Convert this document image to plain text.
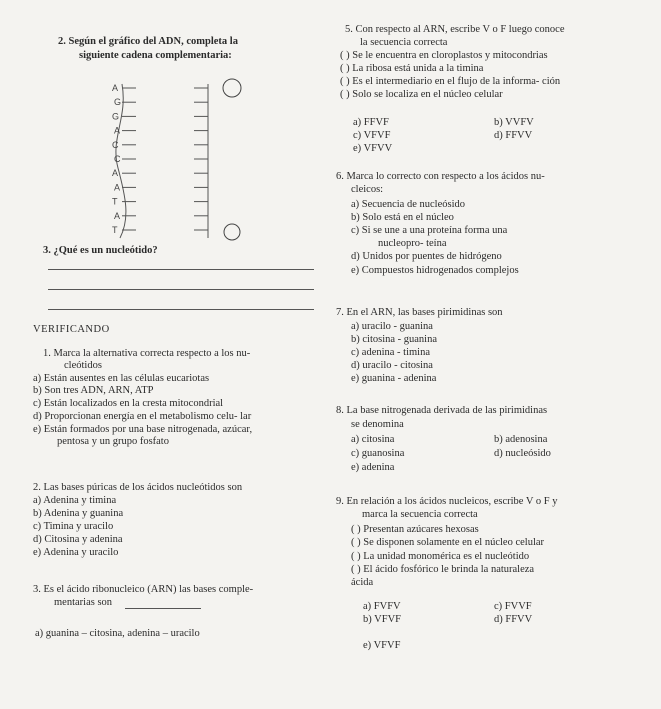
2. Según el gráfico del ADN, completa la
siguiente cadena complementaria:
A
G
G
A
C
C
A
A
T
A
T
3. ¿Qué es un nucleótido?
VERIFICANDO
1. Marca la alternativa correcta respecto a los nu-
cleótidos
a) Están ausentes en las células eucariotas
b) Son tres ADN, ARN, ATP
c) Están localizados en la cresta mitocondrial
d) Proporcionan energía en el metabolismo celu- lar
e) Están formados por una base nitrogenada, azúcar,
pentosa y un grupo fosfato
2. Las bases púricas de los ácidos nucleótidos son
a) Adenina y timina
b) Adenina y guanina
c) Timina y uracilo
d) Citosina y adenina
e) Adenina y uracilo
3. Es el ácido ribonucleico (ARN) las bases comple-
mentarias son
a) guanina – citosina, adenina – uracilo
5. Con respecto al ARN, escribe V o F luego conoce
la secuencia correcta
( ) Se le encuentra en cloroplastos y mitocondrias
( ) La ribosa está unida a la timina
( ) Es el intermediario en el flujo de la informa- ción
( ) Solo se localiza en el núcleo celular
a) FFVF	b) VVFV
c) VFVF	d) FFVV
e) VFVV
6. Marca lo correcto con respecto a los ácidos nu-
cleicos:
a) Secuencia de nucleósido
b) Solo está en el núcleo
c) Si se une a una proteína forma una
nucleopro- teína
d) Unidos por puentes de hidrógeno
e) Compuestos hidrogenados complejos
7. En el ARN, las bases pirimidinas son
a) uracilo - guanina
b) citosina - guanina
c) adenina - timina
d) uracilo - citosina
e) guanina - adenina
8. La base nitrogenada derivada de las pirimidinas
se denomina
a) citosina	b) adenosina
c) guanosina	d) nucleósido
e) adenina
9. En relación a los ácidos nucleicos, escribe V o F y
marca la secuencia correcta
( ) Presentan azúcares hexosas
( ) Se disponen solamente en el núcleo celular
( ) La unidad monomérica es el nucleótido
( ) El ácido fosfórico le brinda la naturaleza
ácida
a) FVFV	c) FVVF
b) VFVF	d) FFVV
e) VFVF
